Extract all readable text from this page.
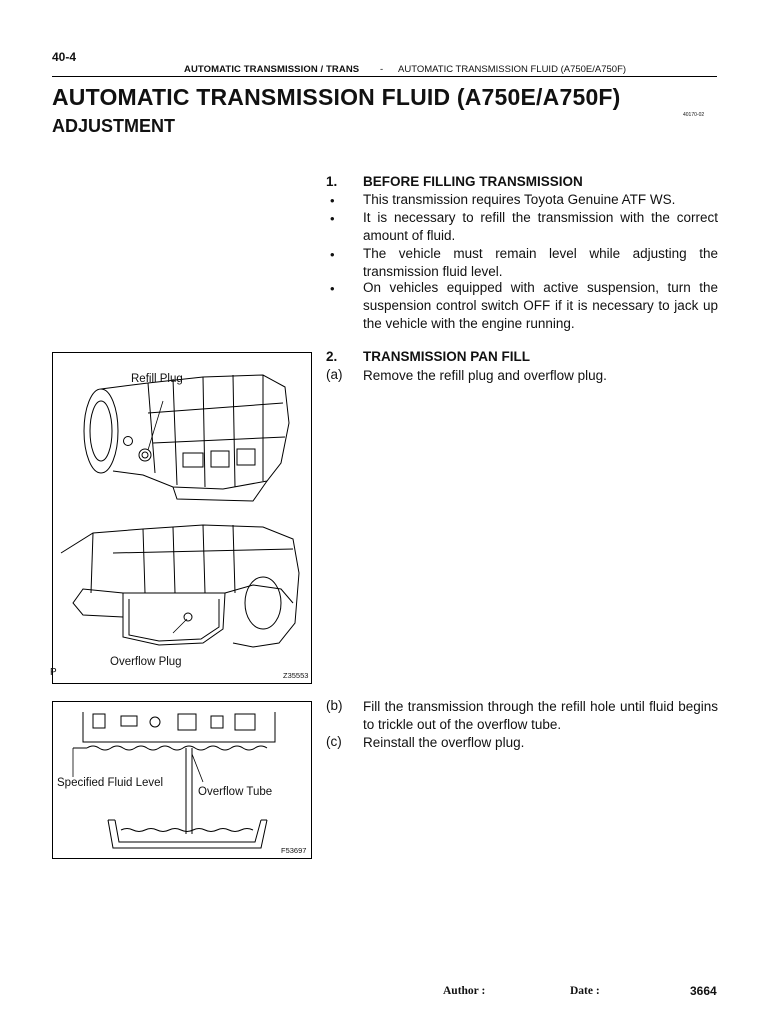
40-4
AUTOMATIC TRANSMISSION / TRANS - AUTOMATIC TRANSMISSION FLUID (A750E/A750F)
AUTOMATIC TRANSMISSION FLUID (A750E/A750F)
ADJUSTMENT
40170-02
1. BEFORE FILLING TRANSMISSION
• This transmission requires Toyota Genuine ATF WS.
• It is necessary to refill the transmission with the correct amount of fluid.
• The vehicle must remain level while adjusting the transmission fluid level.
• On vehicles equipped with active suspension, turn the suspension control switch OFF if it is necessary to jack up the vehicle with the engine running.
2. TRANSMISSION PAN FILL
(a) Remove the refill plug and overflow plug.
(b) Fill the transmission through the refill hole until fluid begins to trickle out of the overflow tube.
(c) Reinstall the overflow plug.
Refill Plug
Overflow Plug
P	Z35553
Specified Fluid Level
Overflow Tube
F53697
Author :	Date :	3664
